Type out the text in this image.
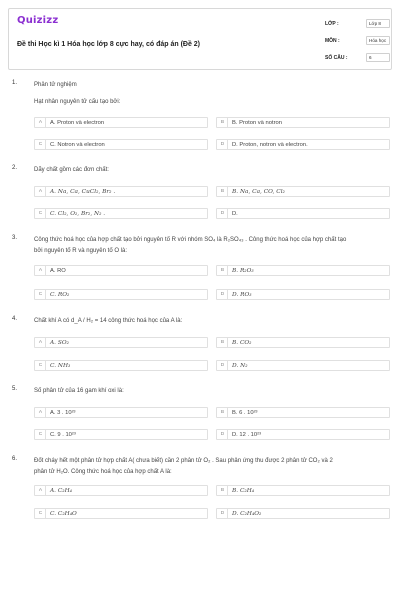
Quizizz
Đề thi Học kì 1 Hóa học lớp 8 cực hay, có đáp án (Đề 2)
LỚP :	Lớp 8
MÔN :	Hóa học
SỐ CÂU :	6
1.	Phân tử nghiệm
Hạt nhân nguyên tử cấu tạo bởi:
A	A. Proton và electron	B	B. Proton và notron
C	C. Notron và electron	D	D. Proton, notron và electron.
2.	Dãy chất gồm các đơn chất:
A	A. Na, Ca, CuCl₂, Br₂ .	B	B. Na, Ca, CO, Cl₂
C	C. Cl₂, O₂, Br₂, N₂ .	D	D.
3.	Công thức hoá học của hợp chất tạo bởi nguyên tố R với nhóm SO₄ là R₂SO₄₃ . Công thức hoá học của hợp chất tạo
bởi nguyên tố R và nguyên tố O là:
A	A. RO	B	B. R₂O₃
C	C. RO₂	D	D. RO₃
4.	Chất khí A có d_A / H₂ = 14 công thức hoá học của A là:
A	A. SO₂	B	B. CO₂
C	C. NH₃	D	D. N₂
5.	Số phân tử của 16 gam khí oxi là:
A	A. 3 . 10²³	B	B. 6 . 10²³
C	C. 9 . 10²³	D	D. 12 . 10²³
6.	Đốt cháy hết một phân tử hợp chất A( chưa biết) cần 2 phân tử O₂ . Sau phản ứng thu được 2 phân tử CO₂ và 2
phân tử H₂O. Công thức hoá học của hợp chất A là:
A	A. C₂H₄	B	B. C₂H₄
C	C. C₂H₄O	D	D. C₂H₄O₂
